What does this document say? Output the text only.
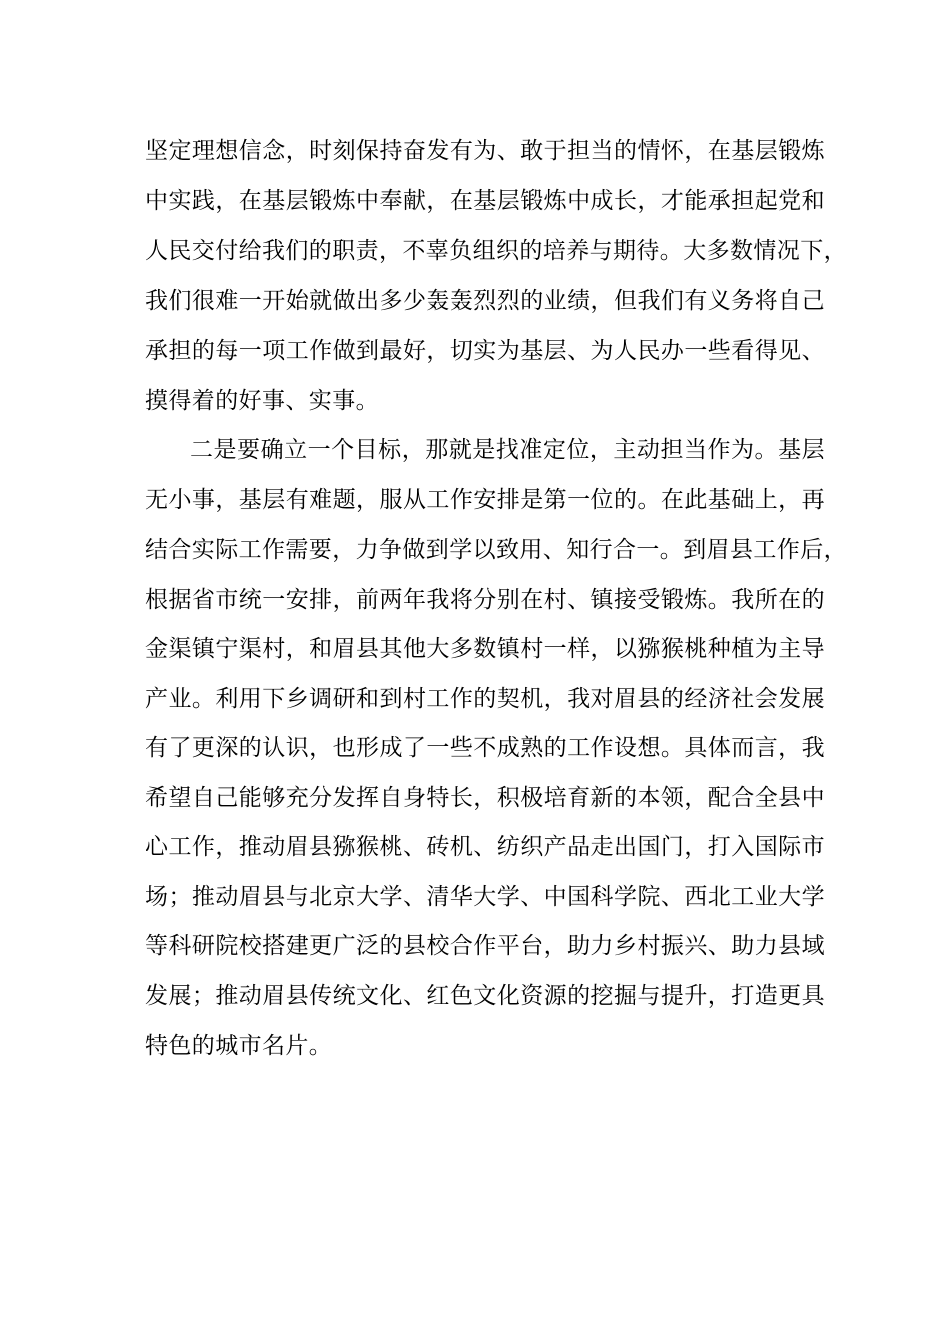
坚定理想信念，时刻保持奋发有为、敢于担当的情怀，在基层锻炼
中实践，在基层锻炼中奉献，在基层锻炼中成长，才能承担起党和
人民交付给我们的职责，不辜负组织的培养与期待。大多数情况下，
我们很难一开始就做出多少轰轰烈烈的业绩，但我们有义务将自己
承担的每一项工作做到最好，切实为基层、为人民办一些看得见、
摸得着的好事、实事。
二是要确立一个目标，那就是找准定位，主动担当作为。基层
无小事，基层有难题，服从工作安排是第一位的。在此基础上，再
结合实际工作需要，力争做到学以致用、知行合一。到眉县工作后，
根据省市统一安排，前两年我将分别在村、镇接受锻炼。我所在的
金渠镇宁渠村，和眉县其他大多数镇村一样，以猕猴桃种植为主导
产业。利用下乡调研和到村工作的契机，我对眉县的经济社会发展
有了更深的认识，也形成了一些不成熟的工作设想。具体而言，我
希望自己能够充分发挥自身特长，积极培育新的本领，配合全县中
心工作，推动眉县猕猴桃、砖机、纺织产品走出国门，打入国际市
场；推动眉县与北京大学、清华大学、中国科学院、西北工业大学
等科研院校搭建更广泛的县校合作平台，助力乡村振兴、助力县域
发展；推动眉县传统文化、红色文化资源的挖掘与提升，打造更具
特色的城市名片。
